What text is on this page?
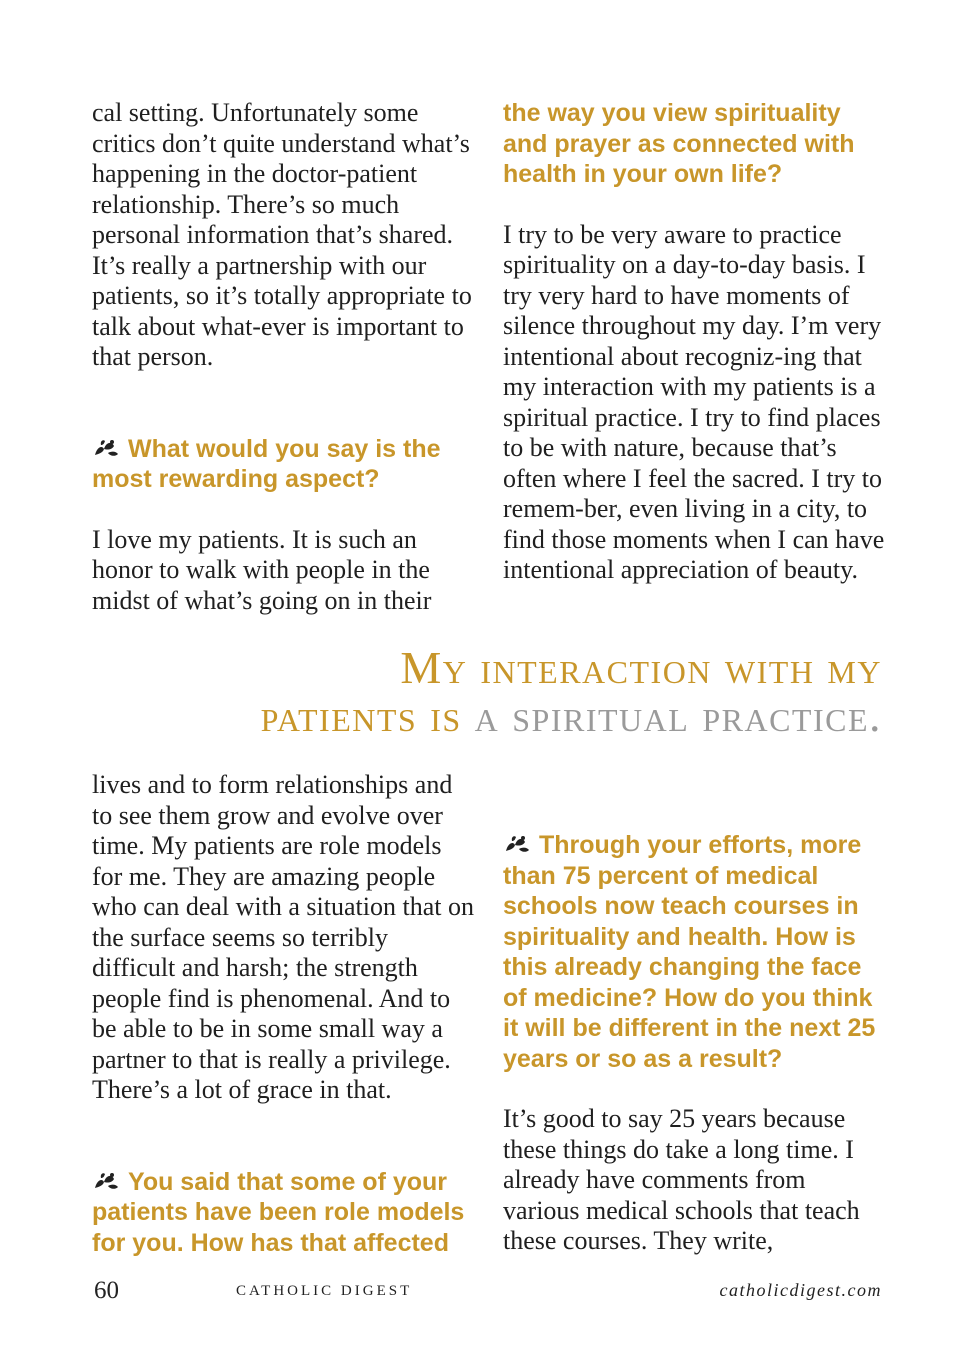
cal setting. Unfortunately some critics don’t quite understand what’s happening in the doctor-patient relationship. There’s so much personal information that’s shared. It’s really a partnership with our patients, so it’s totally appropriate to talk about what-ever is important to that person.

What would you say is the most rewarding aspect?

I love my patients. It is such an honor to walk with people in the midst of what’s going on in their

the way you view spirituality and prayer as connected with health in your own life?

I try to be very aware to practice spirituality on a day-to-day basis. I try very hard to have moments of silence throughout my day. I’m very intentional about recogniz-ing that my interaction with my patients is a spiritual practice. I try to find places to be with nature, because that’s often where I feel the sacred. I try to remem-ber, even living in a city, to find those moments when I can have intentional appreciation of beauty.

My interaction with my
patients is a spiritual practice.

lives and to form relationships and to see them grow and evolve over time. My patients are role models for me. They are amazing people who can deal with a situation that on the surface seems so terribly difficult and harsh; the strength people find is phenomenal. And to be able to be in some small way a partner to that is really a privilege. There’s a lot of grace in that.

You said that some of your patients have been role models for you. How has that affected

Through your efforts, more than 75 percent of medical schools now teach courses in spirituality and health. How is this already changing the face of medicine? How do you think it will be different in the next 25 years or so as a result?

It’s good to say 25 years because these things do take a long time. I already have comments from various medical schools that teach these courses. They write,

60	CATHOLIC DIGEST	catholicdigest.com
